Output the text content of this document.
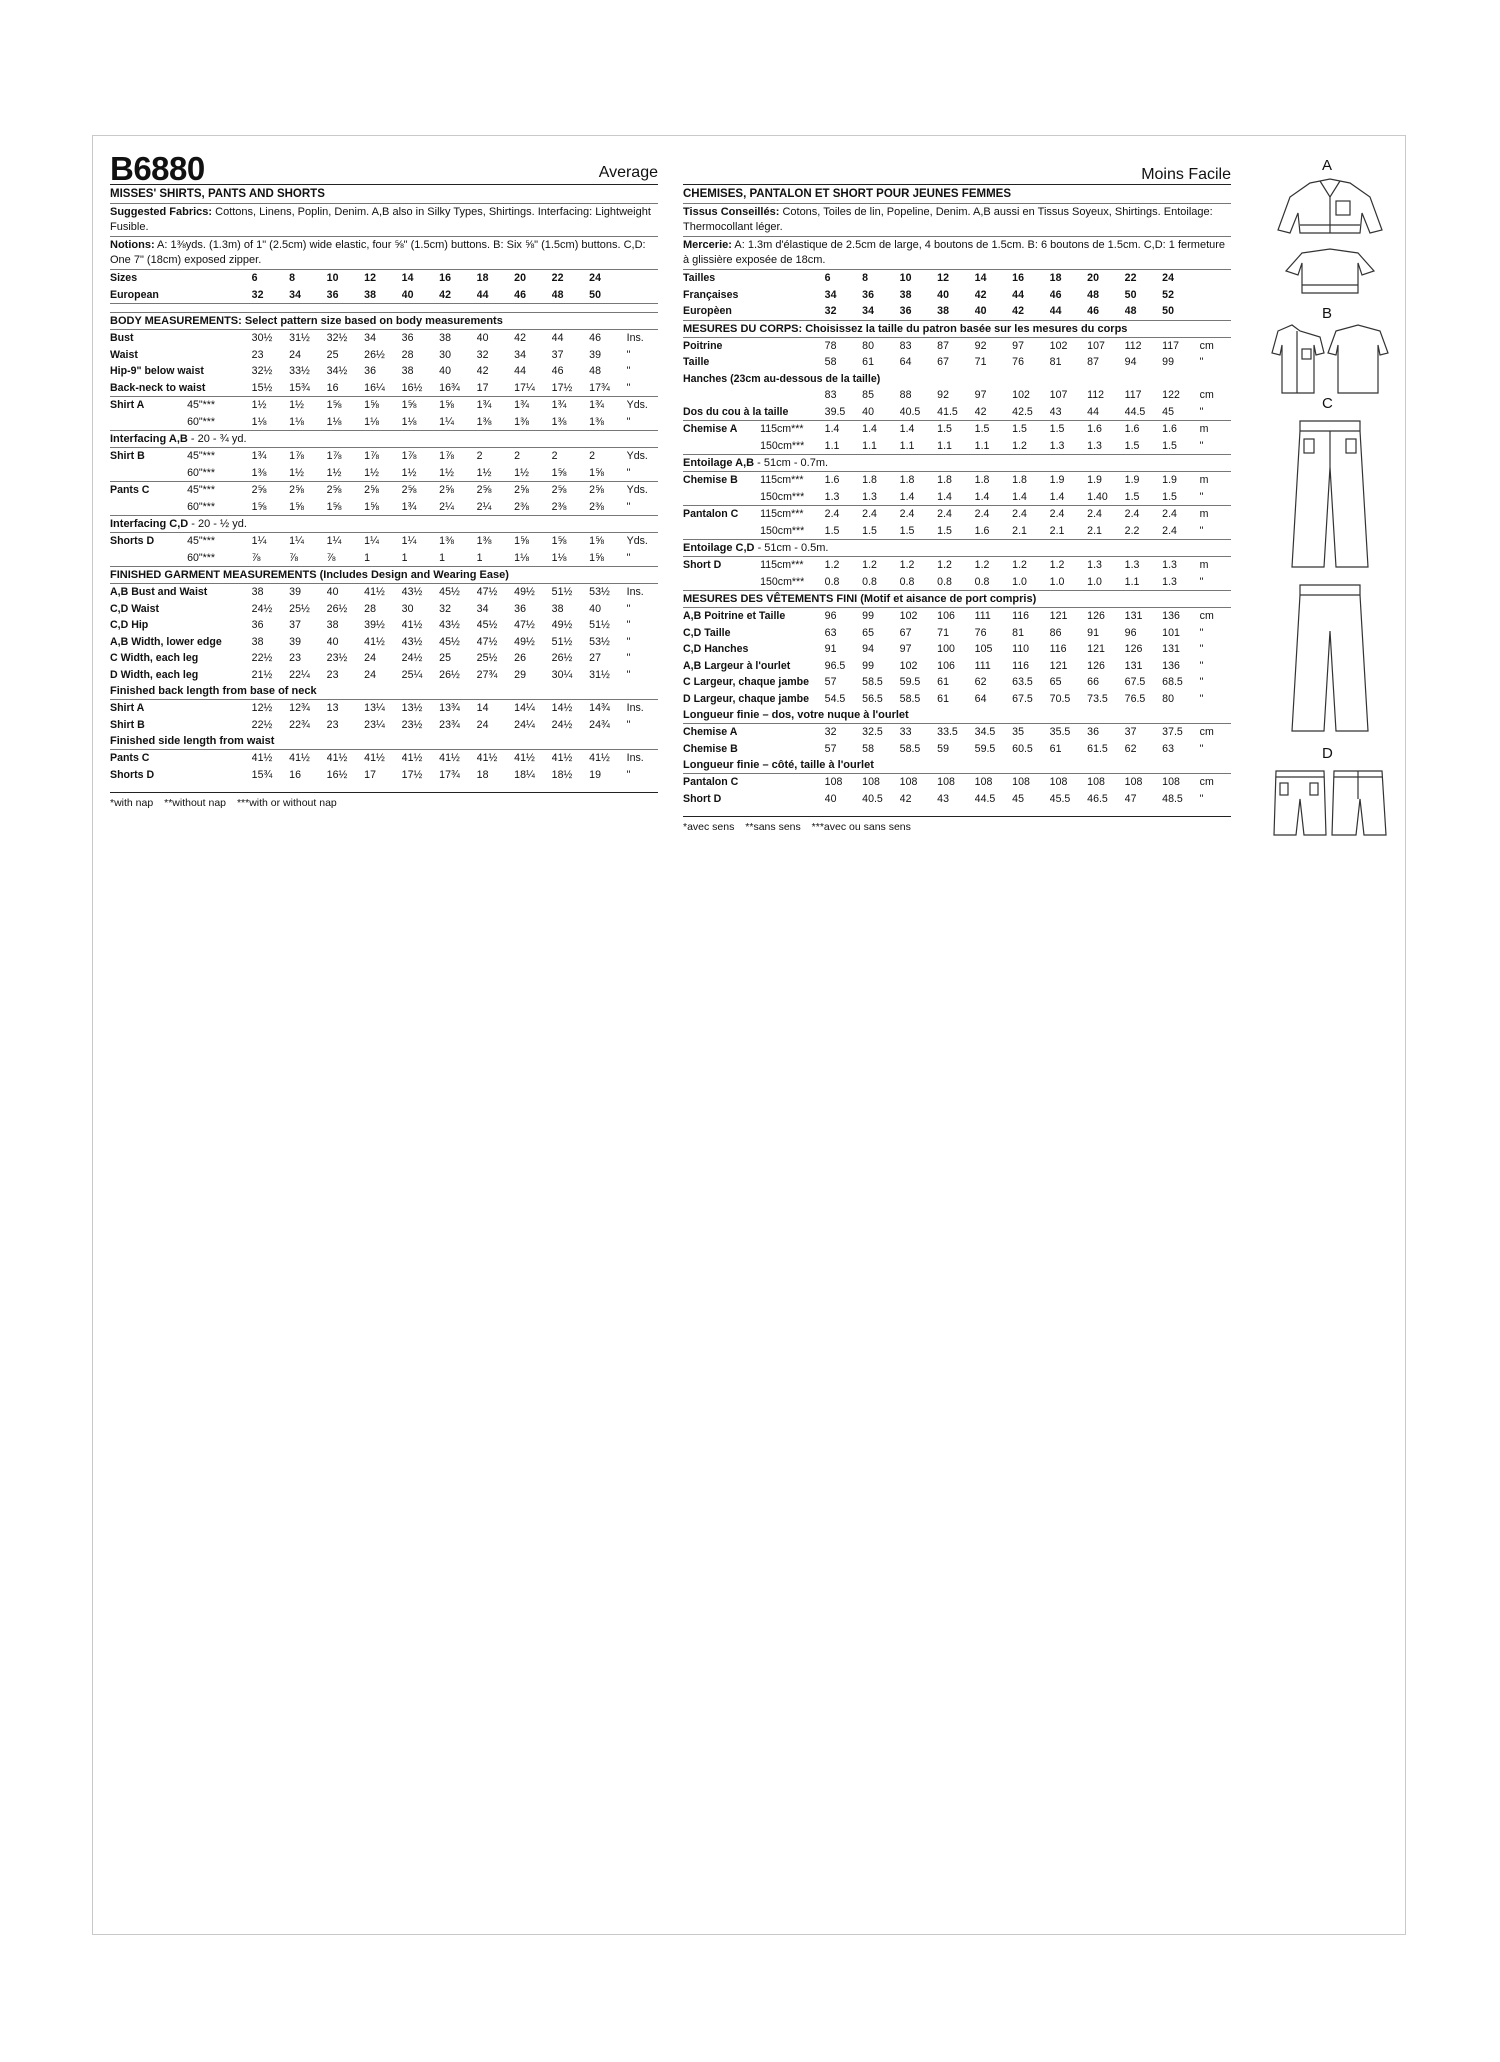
B6880	Average
MISSES' SHIRTS, PANTS AND SHORTS
Suggested Fabrics: Cottons, Linens, Poplin, Denim. A,B also in Silky Types, Shirtings. Interfacing: Lightweight Fusible.
Notions: A: 1⅜yds. (1.3m) of 1" (2.5cm) wide elastic, four ⅝" (1.5cm) buttons. B: Six ⅝" (1.5cm) buttons. C,D: One 7" (18cm) exposed zipper.
Sizes	6	8	10	12	14	16	18	20	22	24	
European	32	34	36	38	40	42	44	46	48	50	
BODY MEASUREMENTS: Select pattern size based on body measurements
Bust	30½	31½	32½	34	36	38	40	42	44	46	Ins.
Waist	23	24	25	26½	28	30	32	34	37	39	"
Hip-9" below waist	32½	33½	34½	36	38	40	42	44	46	48	"
Back-neck to waist	15½	15¾	16	16¼	16½	16¾	17	17¼	17½	17¾	"
Shirt A	45"***	1½	1½	1⅝	1⅝	1⅝	1⅝	1¾	1¾	1¾	1¾	Yds.
	60"***	1⅛	1⅛	1⅛	1⅛	1⅛	1¼	1⅜	1⅜	1⅜	1⅜	"
Interfacing A,B - 20 - ¾ yd.
Shirt B	45"***	1¾	1⅞	1⅞	1⅞	1⅞	1⅞	2	2	2	2	Yds.
	60"***	1⅜	1½	1½	1½	1½	1½	1½	1½	1⅝	1⅝	"
Pants C	45"***	2⅝	2⅝	2⅝	2⅝	2⅝	2⅝	2⅝	2⅝	2⅝	2⅝	Yds.
	60"***	1⅝	1⅝	1⅝	1⅝	1¾	2¼	2¼	2⅜	2⅜	2⅜	"
Interfacing C,D - 20 - ½ yd.
Shorts D	45"***	1¼	1¼	1¼	1¼	1¼	1⅜	1⅜	1⅝	1⅝	1⅝	Yds.
	60"***	⅞	⅞	⅞	1	1	1	1	1⅛	1⅛	1⅝	"
FINISHED GARMENT MEASUREMENTS (Includes Design and Wearing Ease)
A,B Bust and Waist	38	39	40	41½	43½	45½	47½	49½	51½	53½	Ins.
C,D Waist	24½	25½	26½	28	30	32	34	36	38	40	"
C,D Hip	36	37	38	39½	41½	43½	45½	47½	49½	51½	"
A,B Width, lower edge	38	39	40	41½	43½	45½	47½	49½	51½	53½	"
C Width, each leg	22½	23	23½	24	24½	25	25½	26	26½	27	"
D Width, each leg	21½	22¼	23	24	25¼	26½	27¾	29	30¼	31½	"
Finished back length from base of neck
Shirt A	12½	12¾	13	13¼	13½	13¾	14	14¼	14½	14¾	Ins.
Shirt B	22½	22¾	23	23¼	23½	23¾	24	24¼	24½	24¾	"
Finished side length from waist
Pants C	41½	41½	41½	41½	41½	41½	41½	41½	41½	41½	Ins.
Shorts D	15¾	16	16½	17	17½	17¾	18	18¼	18½	19	"
*with nap **without nap ***with or without nap
Moins Facile
CHEMISES, PANTALON ET SHORT POUR JEUNES FEMMES
Tissus Conseillés: Cotons, Toiles de lin, Popeline, Denim. A,B aussi en Tissus Soyeux, Shirtings. Entoilage: Thermocollant léger.
Mercerie: A: 1.3m d'élastique de 2.5cm de large, 4 boutons de 1.5cm. B: 6 boutons de 1.5cm. C,D: 1 fermeture à glissière exposée de 18cm.
Tailles	6	8	10	12	14	16	18	20	22	24	
Françaises	34	36	38	40	42	44	46	48	50	52	
Europèen	32	34	36	38	40	42	44	46	48	50	
MESURES DU CORPS: Choisissez la taille du patron basée sur les mesures du corps
Poitrine	78	80	83	87	92	97	102	107	112	117	cm
Taille	58	61	64	67	71	76	81	87	94	99	"
Hanches (23cm au-dessous de la taille)											
	83	85	88	92	97	102	107	112	117	122	cm
Dos du cou à la taille	39.5	40	40.5	41.5	42	42.5	43	44	44.5	45	"
Chemise A	115cm***	1.4	1.4	1.4	1.5	1.5	1.5	1.5	1.6	1.6	1.6	m
	150cm***	1.1	1.1	1.1	1.1	1.1	1.2	1.3	1.3	1.5	1.5	"
Entoilage A,B - 51cm - 0.7m.
Chemise B	115cm***	1.6	1.8	1.8	1.8	1.8	1.8	1.9	1.9	1.9	1.9	m
	150cm***	1.3	1.3	1.4	1.4	1.4	1.4	1.4	1.40	1.5	1.5	"
Pantalon C	115cm***	2.4	2.4	2.4	2.4	2.4	2.4	2.4	2.4	2.4	2.4	m
	150cm***	1.5	1.5	1.5	1.5	1.6	2.1	2.1	2.1	2.2	2.4	"
Entoilage C,D - 51cm - 0.5m.
Short D	115cm***	1.2	1.2	1.2	1.2	1.2	1.2	1.2	1.3	1.3	1.3	m
	150cm***	0.8	0.8	0.8	0.8	0.8	1.0	1.0	1.0	1.1	1.3	"
MESURES DES VÊTEMENTS FINI (Motif et aisance de port compris)
A,B Poitrine et Taille	96	99	102	106	111	116	121	126	131	136	cm
C,D Taille	63	65	67	71	76	81	86	91	96	101	"
C,D Hanches	91	94	97	100	105	110	116	121	126	131	"
A,B Largeur à l'ourlet	96.5	99	102	106	111	116	121	126	131	136	"
C Largeur, chaque jambe	57	58.5	59.5	61	62	63.5	65	66	67.5	68.5	"
D Largeur, chaque jambe	54.5	56.5	58.5	61	64	67.5	70.5	73.5	76.5	80	"
Longueur finie – dos, votre nuque à l'ourlet
Chemise A	32	32.5	33	33.5	34.5	35	35.5	36	37	37.5	cm
Chemise B	57	58	58.5	59	59.5	60.5	61	61.5	62	63	"
Longueur finie – côté, taille à l'ourlet
Pantalon C	108	108	108	108	108	108	108	108	108	108	cm
Short D	40	40.5	42	43	44.5	45	45.5	46.5	47	48.5	"
*avec sens **sans sens ***avec ou sans sens
A
B
C
D
